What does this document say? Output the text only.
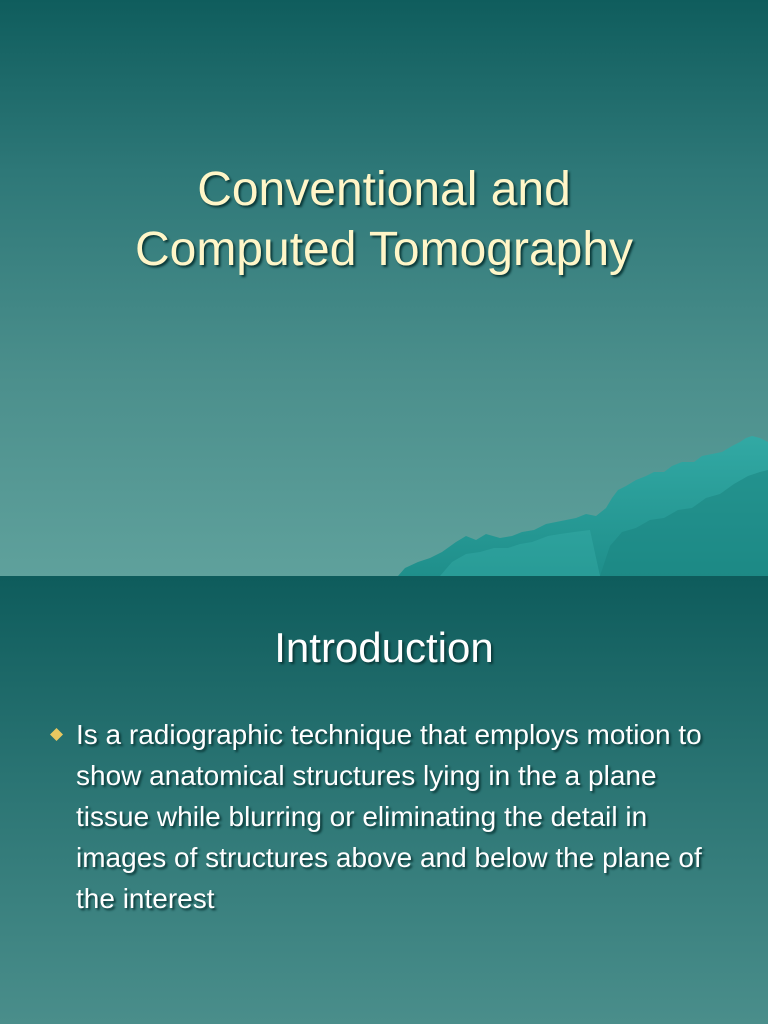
Conventional and
Computed Tomography
Introduction
Is a radiographic technique that employs motion to show anatomical structures lying in the a plane tissue while blurring or eliminating the detail in images of structures above and below the plane of the interest
